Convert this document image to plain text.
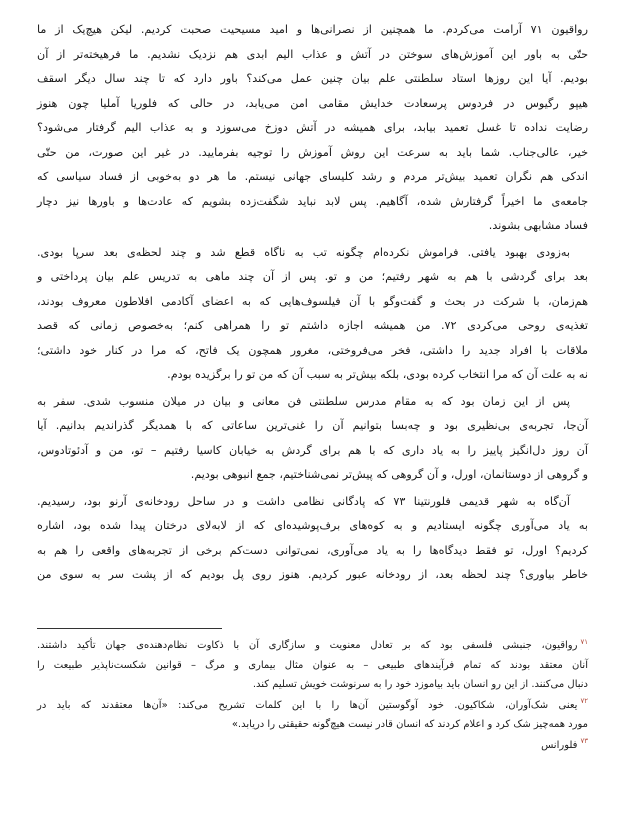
رواقیون ۷۱ آرامت می‌کردم. ما همچنین از نصرانی‌ها و امید مسیحیت صحبت کردیم. لیکن هیچ‌یک از ما
حتّی به باور این آموزش‌های سوختن در آتش و عذاب الیم ابدی هم نزدیک نشدیم. ما فرهیخته‌تر از آن
بودیم. آیا این روزها استاد سلطنتی علم بیان چنین عمل می‌کند؟ باور دارد که تا چند سال دیگر اسقف
هیپو رگیوس در فردوس پرسعادت خدایش مقامی امن می‌یابد، در حالی که فلوریا آملیا چون هنوز
رضایت نداده تا غسل تعمید بیابد، برای همیشه در آتش دوزخ می‌سوزد و به عذاب الیم گرفتار می‌شود؟
خیر، عالی‌جناب. شما باید به سرعت این روش آموزش را توجیه بفرمایید. در غیر این صورت، من حتّی
اندکی هم نگران تعمید بیش‌تر مردم و رشد کلیسای جهانی نیستم. ما هر دو به‌خوبی از فساد سیاسی که
جامعه‌ی ما اخیراً گرفتارش شده، آگاهیم. پس لابد نباید شگفت‌زده بشویم که عادت‌ها و باورها نیز دچار
فساد مشابهی بشوند.

به‌زودی بهبود یافتی. فراموش نکرده‌ام چگونه تب به ناگاه قطع شد و چند لحظه‌ی بعد سرپا بودی.
بعد برای گردشی با هم به شهر رفتیم؛ من و تو. پس از آن چند ماهی به تدریس علم بیان پرداختی و
هم‌زمان، با شرکت در بحث و گفت‌وگو با آن فیلسوف‌هایی که به اعضای آکادمی افلاطون معروف بودند،
تغذیه‌ی روحی می‌کردی ۷۲. من همیشه اجازه داشتم تو را همراهی کنم؛ به‌خصوص زمانی که قصد
ملاقات با افراد جدید را داشتی، فخر می‌فروختی، مغرور همچون یک فاتح، که مرا در کنار خود داشتی؛
نه به علت آن که مرا انتخاب کرده بودی، بلکه بیش‌تر به سبب آن که من تو را برگزیده بودم.

پس از این زمان بود که به مقام مدرس سلطنتی فن معانی و بیان در میلان منسوب شدی. سفر به
آن‌جا، تجربه‌ی بی‌نظیری بود و چه‌بسا بتوانیم آن را غنی‌ترین ساعاتی که با همدیگر گذراندیم بدانیم. آیا
آن روز دل‌انگیز پاییز را به یاد داری که با هم برای گردش به خیابان کاسیا رفتیم – تو، من و آدئوتادوس،
و گروهی از دوستانمان، اورل، و آن گروهی که پیش‌تر نمی‌شناختیم، جمع انبوهی بودیم.

آن‌گاه به شهر قدیمی فلورنتینا ۷۳ که پادگانی نظامی داشت و در ساحل رودخانه‌ی آرنو بود، رسیدیم.
به یاد می‌آوری چگونه ایستادیم و به کوه‌های برف‌پوشیده‌ای که از لابه‌لای درختان پیدا شده بود، اشاره
کردیم؟ اورل، تو فقط دیدگاه‌ها را به یاد می‌آوری، نمی‌توانی دست‌کم برخی از تجربه‌های واقعی را هم به
خاطر بیاوری؟ چند لحظه بعد، از رودخانه عبور کردیم. هنوز روی پل بودیم که از پشت سر به سوی من

$^{۷۱}$رواقیون، جنبشی فلسفی بود که بر تعادل معنویت و سازگاری آن با ذکاوت نظام‌دهنده‌ی جهان تأکید داشتند.
آنان معتقد بودند که تمام فرآیندهای طبیعی – به عنوان مثال بیماری و مرگ – قوانین شکست‌ناپذیر طبیعت را
دنبال می‌کنند. از این رو انسان باید بیاموزد خود را به سرنوشت خویش تسلیم کند.

$^{۷۲}$یعنی شک‌آوران، شکاکیون. خود آوگوستین آن‌ها را با این کلمات تشریح می‌کند: «آن‌ها معتقدند که باید در
مورد همه‌چیز شک کرد و اعلام کردند که انسان قادر نیست هیچ‌گونه حقیقتی را دریابد.»

$^{۷۳}$فلورانس
